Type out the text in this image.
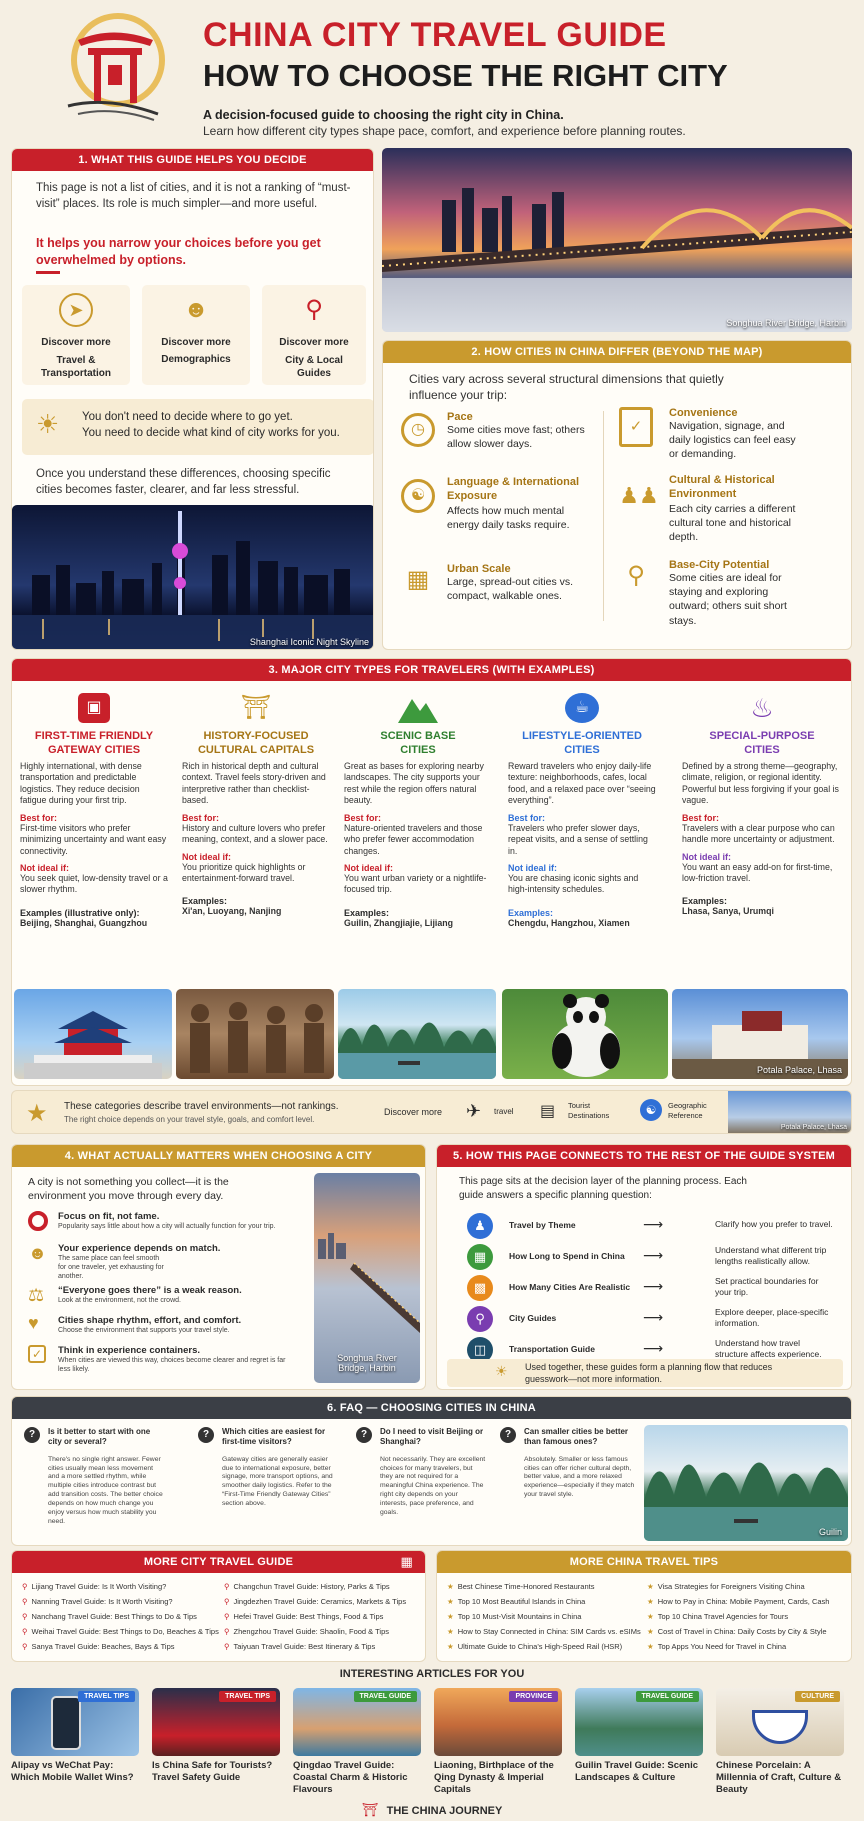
CHINA CITY TRAVEL GUIDE
HOW TO CHOOSE THE RIGHT CITY
A decision-focused guide to choosing the right city in China.
Learn how different city types shape pace, comfort, and experience before planning routes.
1. WHAT THIS GUIDE HELPS YOU DECIDE
This page is not a list of cities, and it is not a ranking of “must-visit” places. Its role is much simpler—and more useful.
It helps you narrow your choices before you get overwhelmed by options.
➤
Discover more
Travel & Transportation
☻
Discover more
Demographics
⚲
Discover more
City & Local Guides
☀ You don't need to decide where to go yet.
You need to decide what kind of city works for you.
Once you understand these differences, choosing specific cities becomes faster, clearer, and far less stressful.
Shanghai Iconic Night Skyline
Songhua River Bridge, Harbin
2. HOW CITIES IN CHINA DIFFER (BEYOND THE MAP)
Cities vary across several structural dimensions that quietly influence your trip:
◷
Pace
Some cities move fast; others allow slower days.
☯
Language & International Exposure
Affects how much mental energy daily tasks require.
▦	Urban Scale
Large, spread-out cities vs. compact, walkable ones.
✓
Convenience
Navigation, signage, and daily logistics can feel easy or demanding.
♟♟
Cultural & Historical Environment
Each city carries a different cultural tone and historical depth.
⚲	Base-City Potential
Some cities are ideal for staying and exploring outward; others suit short stays.
3. MAJOR CITY TYPES FOR TRAVELERS (WITH EXAMPLES)
▣
FIRST-TIME FRIENDLY GATEWAY CITIES
Highly international, with dense transportation and predictable logistics. They reduce decision fatigue during your first trip.
Best for:
First-time visitors who prefer minimizing uncertainty and want easy connectivity.
Not ideal if:
You seek quiet, low-density travel or a slower rhythm.
Examples (illustrative only):
Beijing, Shanghai, Guangzhou
⛩
HISTORY-FOCUSED CULTURAL CAPITALS
Rich in historical depth and cultural context. Travel feels story-driven and interpretive rather than checklist-based.
Best for:
History and culture lovers who prefer meaning, context, and a slower pace.
Not ideal if:
You prioritize quick highlights or entertainment-forward travel.
Examples:
Xi'an, Luoyang, Nanjing
SCENIC BASE CITIES
Great as bases for exploring nearby landscapes. The city supports your rest while the region offers natural beauty.
Best for:
Nature-oriented travelers and those who prefer fewer accommodation changes.
Not ideal if:
You want urban variety or a nightlife-focused trip.
Examples:
Guilin, Zhangjiajie, Lijiang
☕
LIFESTYLE-ORIENTED CITIES
Reward travelers who enjoy daily-life texture: neighborhoods, cafes, local food, and a relaxed pace over “seeing everything”.
Best for:
Travelers who prefer slower days, repeat visits, and a sense of settling in.
Not ideal if:
You are chasing iconic sights and high-intensity schedules.
Examples:
Chengdu, Hangzhou, Xiamen
♨
SPECIAL-PURPOSE CITIES
Defined by a strong theme—geography, climate, religion, or regional identity. Powerful but less forgiving if your goal is vague.
Best for:
Travelers with a clear purpose who can handle more uncertainty or adjustment.
Not ideal if:
You want an easy add-on for first-time, low-friction travel.
Examples:
Lhasa, Sanya, Urumqi
Potala Palace, Lhasa
★ These categories describe travel environments—not rankings.
The right choice depends on your travel style, goals, and comfort level.
Discover more ✈ travel ▤ Tourist Destinations	☯	Geographic Reference
Potala Palace, Lhasa
4. WHAT ACTUALLY MATTERS WHEN CHOOSING A CITY
A city is not something you collect—it is the environment you move through every day.
Focus on fit, not fame.
Popularity says little about how a city will actually function for your trip.
☻ Your experience depends on match.
The same place can feel smooth for one traveler, yet exhausting for another.
⚖ “Everyone goes there” is a weak reason.
Look at the environment, not the crowd.
♥ Cities shape rhythm, effort, and comfort.
Choose the environment that supports your travel style.
✓	Think in experience containers.
When cities are viewed this way, choices become clearer and regret is far less likely.
Songhua River Bridge, Harbin
5. HOW THIS PAGE CONNECTS TO THE REST OF THE GUIDE SYSTEM
This page sits at the decision layer of the planning process. Each guide answers a specific planning question:
♟	Travel by Theme	⟶	Clarify how you prefer to travel.
▦	How Long to Spend in China ⟶	Understand what different trip lengths realistically allow.
▩	How Many Cities Are Realistic ⟶	Set practical boundaries for your trip.
⚲	City Guides	⟶	Explore deeper, place-specific information.
◫	Transportation Guide	⟶	Understand how travel structure affects experience.
☀ Used together, these guides form a planning flow that reduces guesswork—not more information.
6. FAQ — CHOOSING CITIES IN CHINA
?	Is it better to start with one city or several?
There's no single right answer. Fewer cities usually mean less movement and a more settled rhythm, while multiple cities introduce contrast but add transition costs. The better choice depends on how much change you enjoy versus how much stability you need.
?	Which cities are easiest for first-time visitors?
Gateway cities are generally easier due to international exposure, better signage, more transport options, and smoother daily logistics. Refer to the “First-Time Friendly Gateway Cities” section above.
?	Do I need to visit Beijing or Shanghai?
Not necessarily. They are excellent choices for many travelers, but they are not required for a meaningful China experience. The right city depends on your interests, pace preference, and goals.
?	Can smaller cities be better than famous ones?
Absolutely. Smaller or less famous cities can offer richer cultural depth, better value, and a more relaxed experience—especially if they match your travel style.
Guilin
MORE CITY TRAVEL GUIDE	▦
⚲ Lijiang Travel Guide: Is It Worth Visiting?
⚲ Nanning Travel Guide: Is It Worth Visiting?
⚲ Nanchang Travel Guide: Best Things to Do & Tips
⚲ Weihai Travel Guide: Best Things to Do, Beaches & Tips
⚲ Sanya Travel Guide: Beaches, Bays & Tips
⚲ Changchun Travel Guide: History, Parks & Tips
⚲ Jingdezhen Travel Guide: Ceramics, Markets & Tips
⚲ Hefei Travel Guide: Best Things, Food & Tips
⚲ Zhengzhou Travel Guide: Shaolin, Food & Tips
⚲ Taiyuan Travel Guide: Best Itinerary & Tips
MORE CHINA TRAVEL TIPS
★ Best Chinese Time-Honored Restaurants
★ Top 10 Most Beautiful Islands in China
★ Top 10 Must-Visit Mountains in China
★ How to Stay Connected in China: SIM Cards vs. eSIMs
★ Ultimate Guide to China's High-Speed Rail (HSR)
★ Visa Strategies for Foreigners Visiting China
★ How to Pay in China: Mobile Payment, Cards, Cash
★ Top 10 China Travel Agencies for Tours
★ Cost of Travel in China: Daily Costs by City & Style
★ Top Apps You Need for Travel in China
INTERESTING ARTICLES FOR YOU
TRAVEL TIPS
Alipay vs WeChat Pay: Which Mobile Wallet Wins?
TRAVEL TIPS
Is China Safe for Tourists? Travel Safety Guide
TRAVEL GUIDE
Qingdao Travel Guide: Coastal Charm & Historic Flavours
PROVINCE
Liaoning, Birthplace of the Qing Dynasty & Imperial Capitals
TRAVEL GUIDE
Guilin Travel Guide: Scenic Landscapes & Culture
CULTURE
Chinese Porcelain: A Millennia of Craft, Culture & Beauty
⛩ THE CHINA JOURNEY
